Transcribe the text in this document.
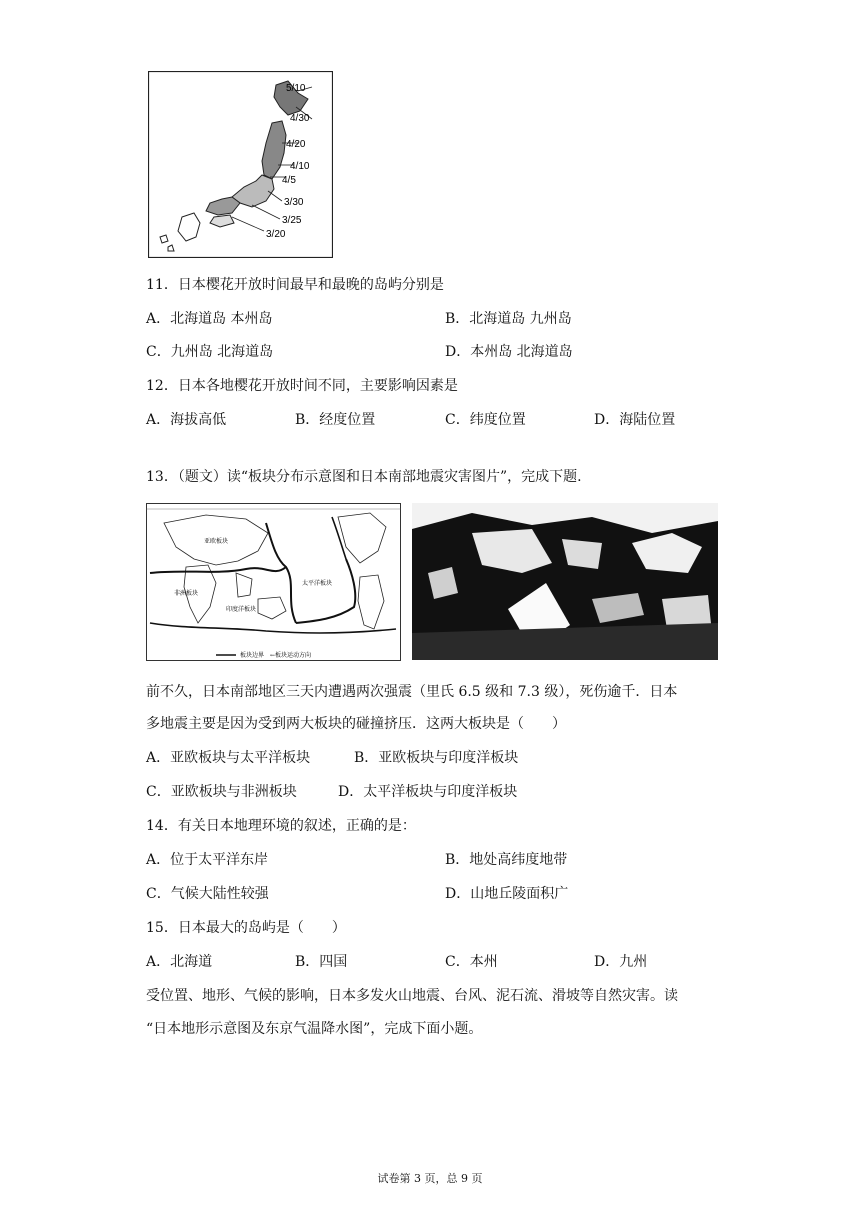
5/10
4/30
4/20
4/10
4/5
3/30
3/25
3/20
11．日本樱花开放时间最早和最晚的岛屿分别是
A．北海道岛 本州岛	B．北海道岛 九州岛
C．九州岛 北海道岛	D．本州岛 北海道岛
12．日本各地樱花开放时间不同，主要影响因素是
A．海拔高低	B．经度位置	C．纬度位置	D．海陆位置
13．（题文）读“板块分布示意图和日本南部地震灾害图片”，完成下题.
亚欧板块
太平洋板块
印度洋板块
非洲板块
板块边界　←板块运动方向
前不久，日本南部地区三天内遭遇两次强震（里氏 6.5 级和 7.3 级），死伤逾千．日本
多地震主要是因为受到两大板块的碰撞挤压．这两大板块是（　　）
A．亚欧板块与太平洋板块	B．亚欧板块与印度洋板块
C．亚欧板块与非洲板块	D．太平洋板块与印度洋板块
14．有关日本地理环境的叙述，正确的是：
A．位于太平洋东岸	B．地处高纬度地带
C．气候大陆性较强	D．山地丘陵面积广
15．日本最大的岛屿是（　　）
A．北海道	B．四国	C．本州	D．九州
受位置、地形、气候的影响，日本多发火山地震、台风、泥石流、滑坡等自然灾害。读
“日本地形示意图及东京气温降水图”，完成下面小题。
试卷第 3 页，总 9 页
